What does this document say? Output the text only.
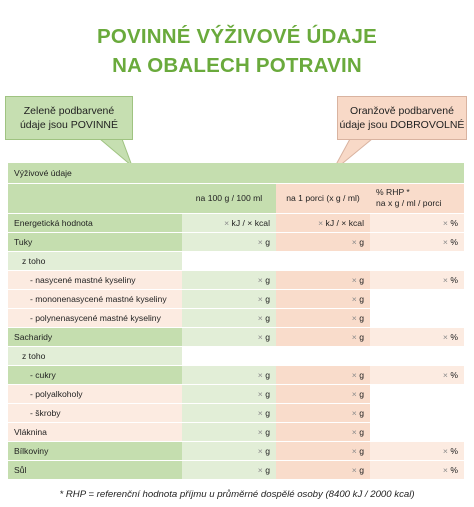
POVINNÉ VÝŽIVOVÉ ÚDAJE
NA OBALECH POTRAVIN
Zeleně podbarvené
údaje jsou POVINNÉ
Oranžově podbarvené
údaje jsou DOBROVOLNÉ
Výživové údaje			
	na 100 g / 100 ml	na 1 porci (x g / ml)	% RHP *
na x g / ml / porci

Energetická hodnota	× kJ / × kcal	× kJ / × kcal	× %
Tuky	× g	× g	× %
z toho			
- nasycené mastné kyseliny	× g	× g	× %
- mononenasycené mastné kyseliny	× g	× g	
- polynenasycené mastné kyseliny	× g	× g	
Sacharidy	× g	× g	× %
z toho			
- cukry	× g	× g	× %
- polyalkoholy	× g	× g	
- škroby	× g	× g	
Vláknina	× g	× g	
Bílkoviny	× g	× g	× %
Sůl	× g	× g	× %
* RHP = referenční hodnota příjmu u průměrné dospělé osoby (8400 kJ / 2000 kcal)
